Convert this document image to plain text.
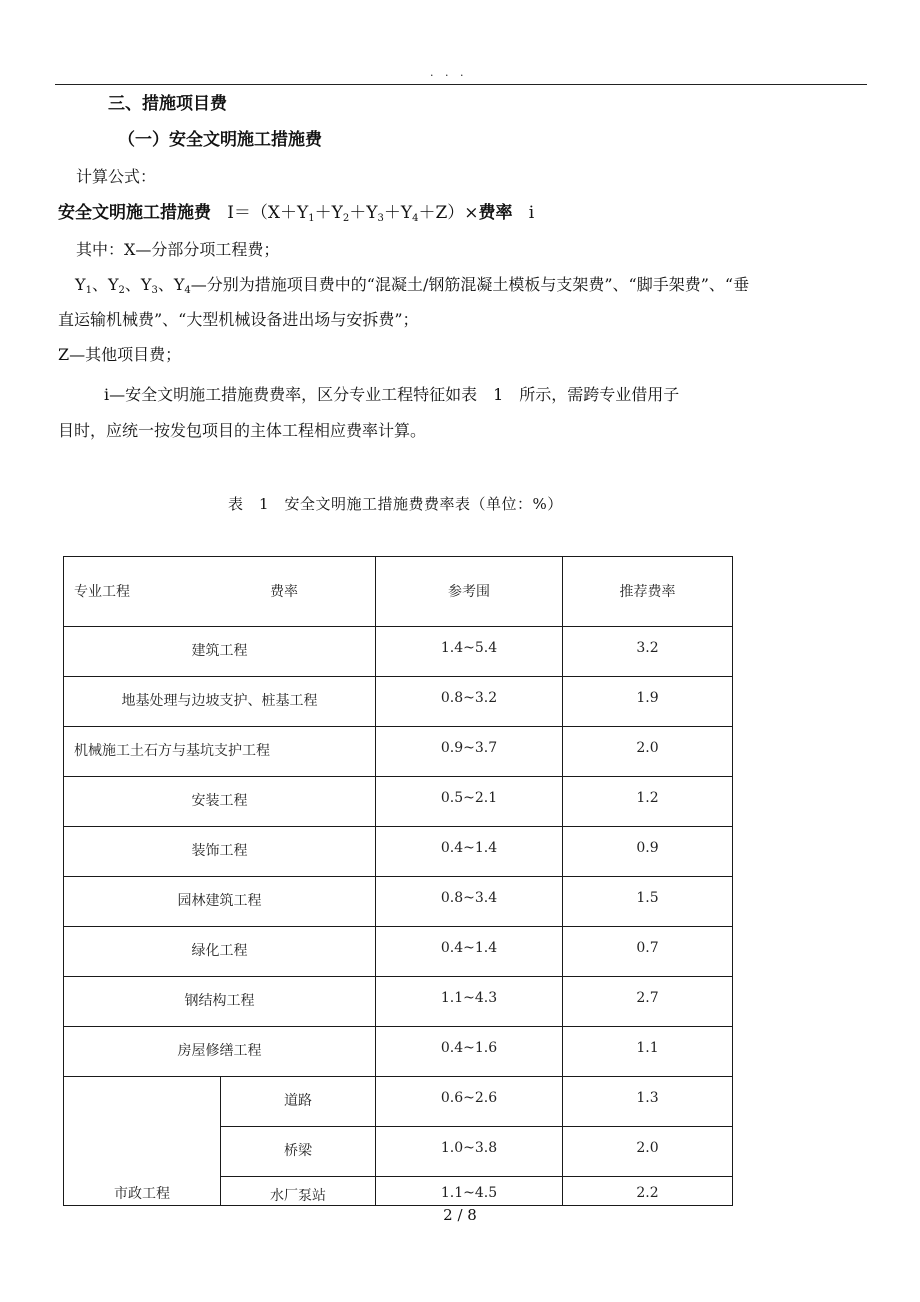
. . .
三、措施项目费
（一）安全文明施工措施费
计算公式：
安全文明施工措施费 $I=(X+Y_1+Y_2+Y_3+Y_4+Z)\times$费率 i
其中：X—分部分项工程费；
$Y_1$、$Y_2$、$Y_3$、$Y_4—$分别为措施项目费中的“混凝土/钢筋混凝土模板与支架费”、“脚手架费”、“垂
直运输机械费”、“大型机械设备进出场与安拆费”；
Z—其他项目费；
i—安全文明施工措施费费率，区分专业工程特征如表　1　所示，需跨专业借用子
目时，应统一按发包项目的主体工程相应费率计算。
表　1　安全文明施工措施费费率表（单位：%）
专业工程 费率		参考围	推荐费率

建筑工程		1.4~5.4	3.2

地基处理与边坡支护、桩基工程		0.8~3.2	1.9

机械施工土石方与基坑支护工程		0.9~3.7	2.0

安装工程		0.5~2.1	1.2

装饰工程		0.4~1.4	0.9

园林建筑工程		0.8~3.4	1.5

绿化工程		0.4~1.4	0.7

钢结构工程		1.1~4.3	2.7

房屋修缮工程		0.4~1.6	1.1

市政工程	道路	0.6~2.6	1.3

	桥梁	1.0~3.8	2.0

	水厂泵站	1.1~4.5	2.2
2 / 8
